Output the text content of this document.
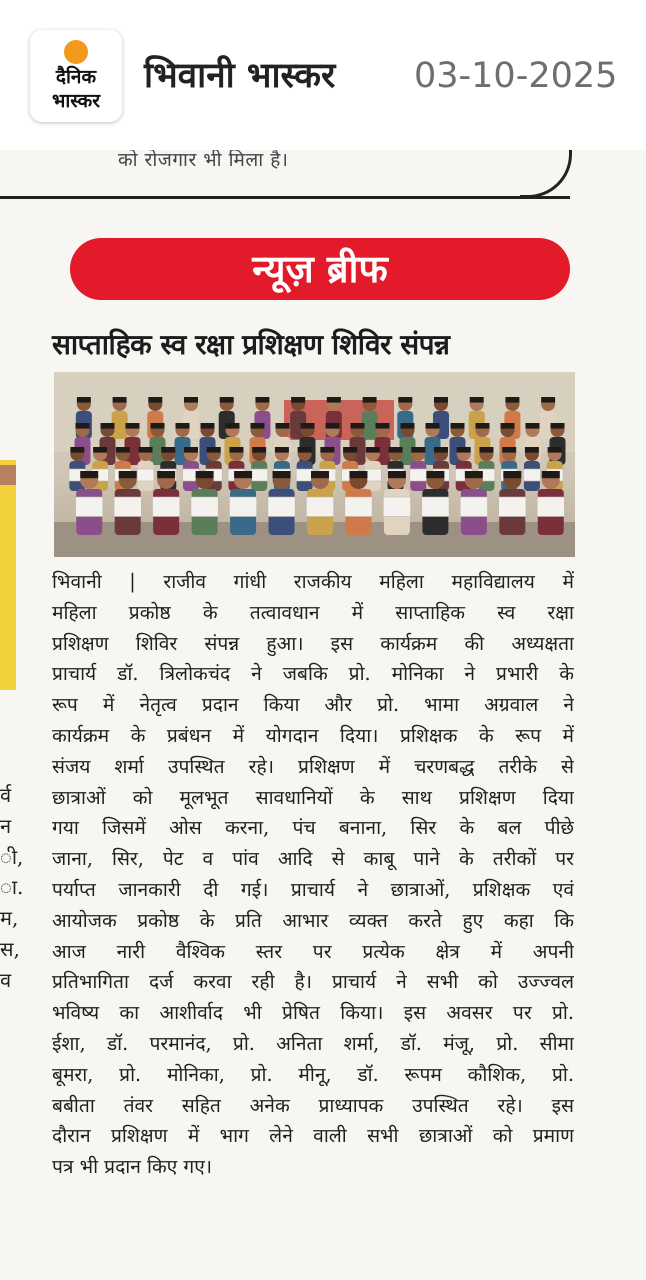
दैनिक
भास्कर
भिवानी भास्कर 03-10-2025
को रोजगार भी मिला है।
न्यूज़ ब्रीफ
साप्ताहिक स्व रक्षा प्रशिक्षण शिविर संपन्न
र्व
न
ी,
ा.
म,
स,
व
भिवानी | राजीव गांधी राजकीय महिला महाविद्यालय में
महिला प्रकोष्ठ के तत्वावधान में साप्ताहिक स्व रक्षा
प्रशिक्षण शिविर संपन्न हुआ। इस कार्यक्रम की अध्यक्षता
प्राचार्य डॉ. त्रिलोकचंद ने जबकि प्रो. मोनिका ने प्रभारी के
रूप में नेतृत्व प्रदान किया और प्रो. भामा अग्रवाल ने
कार्यक्रम के प्रबंधन में योगदान दिया। प्रशिक्षक के रूप में
संजय शर्मा उपस्थित रहे। प्रशिक्षण में चरणबद्ध तरीके से
छात्राओं को मूलभूत सावधानियों के साथ प्रशिक्षण दिया
गया जिसमें ओस करना, पंच बनाना, सिर के बल पीछे
जाना, सिर, पेट व पांव आदि से काबू पाने के तरीकों पर
पर्याप्त जानकारी दी गई। प्राचार्य ने छात्राओं, प्रशिक्षक एवं
आयोजक प्रकोष्ठ के प्रति आभार व्यक्त करते हुए कहा कि
आज नारी वैश्विक स्तर पर प्रत्येक क्षेत्र में अपनी
प्रतिभागिता दर्ज करवा रही है। प्राचार्य ने सभी को उज्ज्वल
भविष्य का आशीर्वाद भी प्रेषित किया। इस अवसर पर प्रो.
ईशा, डॉ. परमानंद, प्रो. अनिता शर्मा, डॉ. मंजू, प्रो. सीमा
बूमरा, प्रो. मोनिका, प्रो. मीनू, डॉ. रूपम कौशिक, प्रो.
बबीता तंवर सहित अनेक प्राध्यापक उपस्थित रहे। इस
दौरान प्रशिक्षण में भाग लेने वाली सभी छात्राओं को प्रमाण
पत्र भी प्रदान किए गए।
